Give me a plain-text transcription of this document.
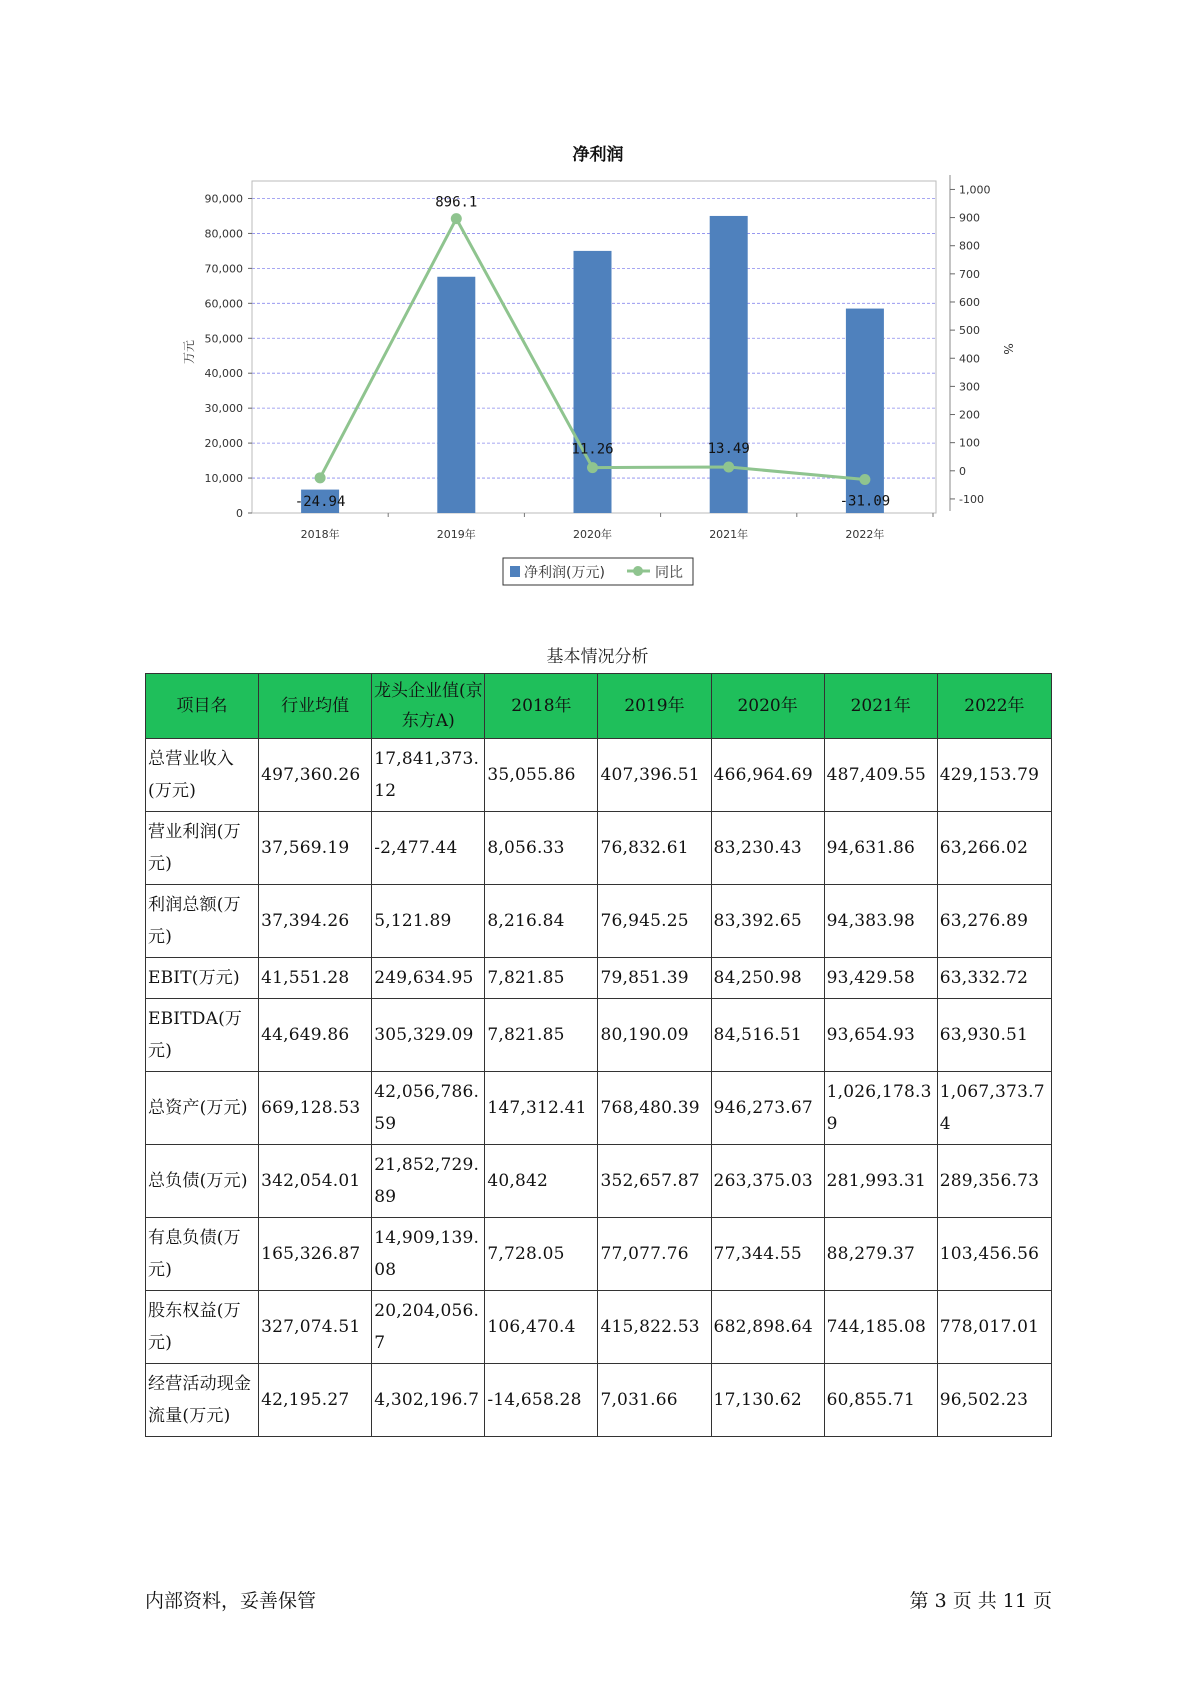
净利润
0
10,000
20,000
30,000
40,000
50,000
60,000
70,000
80,000
90,000
-100
0
100
200
300
400
500
600
700
800
900
1,000
万元	%
2018年	2019年	2020年	2021年	2022年
-24.94
896.1
11.26	13.49
-31.09
净利润(万元)	同比
基本情况分析
项目名	行业均值	龙头企业值(京东方A)	2018年	2019年	2020年	2021年	2022年
总营业收入(万元)	497,360.26	17,841,373.12	35,055.86	407,396.51	466,964.69	487,409.55	429,153.79
营业利润(万元)	37,569.19	-2,477.44	8,056.33	76,832.61	83,230.43	94,631.86	63,266.02
利润总额(万元)	37,394.26	5,121.89	8,216.84	76,945.25	83,392.65	94,383.98	63,276.89
EBIT(万元)	41,551.28	249,634.95	7,821.85	79,851.39	84,250.98	93,429.58	63,332.72
EBITDA(万元)	44,649.86	305,329.09	7,821.85	80,190.09	84,516.51	93,654.93	63,930.51
总资产(万元)	669,128.53	42,056,786.59	147,312.41	768,480.39	946,273.67	1,026,178.39	1,067,373.74
总负债(万元)	342,054.01	21,852,729.89	40,842	352,657.87	263,375.03	281,993.31	289,356.73
有息负债(万元)	165,326.87	14,909,139.08	7,728.05	77,077.76	77,344.55	88,279.37	103,456.56
股东权益(万元)	327,074.51	20,204,056.7	106,470.4	415,822.53	682,898.64	744,185.08	778,017.01
经营活动现金流量(万元)	42,195.27	4,302,196.7	-14,658.28	7,031.66	17,130.62	60,855.71	96,502.23
内部资料，妥善保管	第 3 页 共 11 页
